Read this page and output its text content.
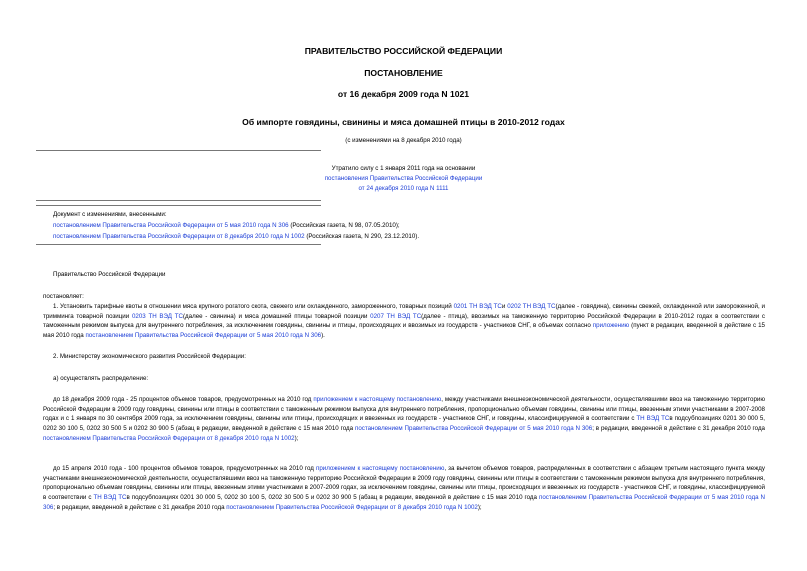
ПРАВИТЕЛЬСТВО РОССИЙСКОЙ ФЕДЕРАЦИИ
ПОСТАНОВЛЕНИЕ
от 16 декабря 2009 года N 1021
Об импорте говядины, свинины и мяса домашней птицы в 2010-2012 годах
(с изменениями на 8 декабря 2010 года)
Утратило силу с 1 января 2011 года на основании
постановления Правительства Российской Федерации
от 24 декабря 2010 года N 1111
Документ с изменениями, внесенными:
постановлением Правительства Российской Федерации от 5 мая 2010 года N 306 (Российская газета, N 98, 07.05.2010);
постановлением Правительства Российской Федерации от 8 декабря 2010 года N 1002 (Российская газета, N 290, 23.12.2010).
Правительство Российской Федерации
постановляет:
1. Установить тарифные квоты в отношении мяса крупного рогатого скота, свежего или охлажденного, замороженного, товарных позиций 0201 ТН ВЭД ТСи 0202 ТН ВЭД ТС(далее - говядина), свинины свежей, охлажденной или замороженной, и тримминга товарной позиции 0203 ТН ВЭД ТС(далее - свинина) и мяса домашней птицы товарной позиции 0207 ТН ВЭД ТС(далее - птица), ввозимых на таможенную территорию Российской Федерации в 2010-2012 годах в соответствии с таможенным режимом выпуска для внутреннего потребления, за исключением говядины, свинины и птицы, происходящих и ввозимых из государств - участников СНГ, в объемах согласно приложению (пункт в редакции, введенной в действие с 15 мая 2010 года постановлением Правительства Российской Федерации от 5 мая 2010 года N 306).
2. Министерству экономического развития Российской Федерации:
а) осуществлять распределение:
до 18 декабря 2009 года - 25 процентов объемов товаров, предусмотренных на 2010 год приложением к настоящему постановлению, между участниками внешнеэкономической деятельности, осуществлявшими ввоз на таможенную территорию Российской Федерации в 2009 году говядины, свинины или птицы в соответствии с таможенным режимом выпуска для внутреннего потребления, пропорционально объемам говядины, свинины или птицы, ввезенным этими участниками в 2007-2008 годах и с 1 января по 30 сентября 2009 года, за исключением говядины, свинины или птицы, происходящих и ввезенных из государств - участников СНГ, и говядины, классифицируемой в соответствии с ТН ВЭД ТСв подсубпозициях 0201 30 000 5, 0202 30 100 5, 0202 30 500 5 и 0202 30 900 5 (абзац в редакции, введенной в действие с 15 мая 2010 года постановлением Правительства Российской Федерации от 5 мая 2010 года N 306; в редакции, введенной в действие с 31 декабря 2010 года постановлением Правительства Российской Федерации от 8 декабря 2010 года N 1002);
до 15 апреля 2010 года - 100 процентов объемов товаров, предусмотренных на 2010 год приложением к настоящему постановлению, за вычетом объемов товаров, распределенных в соответствии с абзацем третьим настоящего пункта между участниками внешнеэкономической деятельности, осуществлявшими ввоз на таможенную территорию Российской Федерации в 2009 году говядины, свинины или птицы в соответствии с таможенным режимом выпуска для внутреннего потребления, пропорционально объемам говядины, свинины или птицы, ввезенным этими участниками в 2007-2009 годах, за исключением говядины, свинины или птицы, происходящих и ввезенных из государств - участников СНГ, и говядины, классифицируемой в соответствии с ТН ВЭД ТСв подсубпозициях 0201 30 000 5, 0202 30 100 5, 0202 30 500 5 и 0202 30 900 5 (абзац в редакции, введенной в действие с 15 мая 2010 года постановлением Правительства Российской Федерации от 5 мая 2010 года N 306; в редакции, введенной в действие с 31 декабря 2010 года постановлением Правительства Российской Федерации от 8 декабря 2010 года N 1002);
